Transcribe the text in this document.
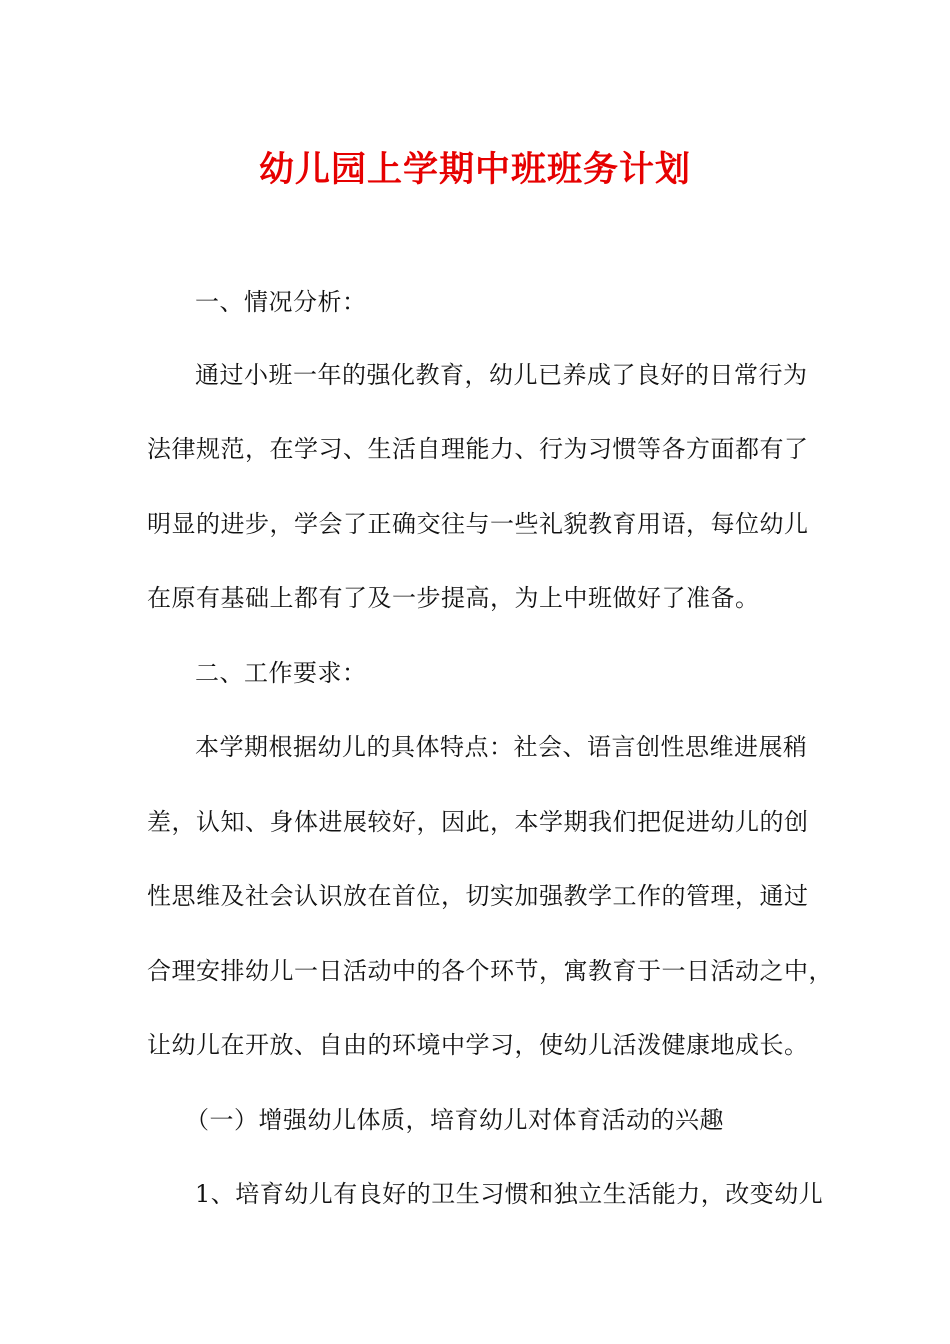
幼儿园上学期中班班务计划
一、情况分析：
通过小班一年的强化教育，幼儿已养成了良好的日常行为
法律规范，在学习、生活自理能力、行为习惯等各方面都有了
明显的进步，学会了正确交往与一些礼貌教育用语，每位幼儿
在原有基础上都有了及一步提高，为上中班做好了准备。
二、工作要求：
本学期根据幼儿的具体特点：社会、语言创性思维进展稍
差，认知、身体进展较好，因此，本学期我们把促进幼儿的创
性思维及社会认识放在首位，切实加强教学工作的管理，通过
合理安排幼儿一日活动中的各个环节，寓教育于一日活动之中，
让幼儿在开放、自由的环境中学习，使幼儿活泼健康地成长。
（一）增强幼儿体质，培育幼儿对体育活动的兴趣
1、培育幼儿有良好的卫生习惯和独立生活能力，改变幼儿
